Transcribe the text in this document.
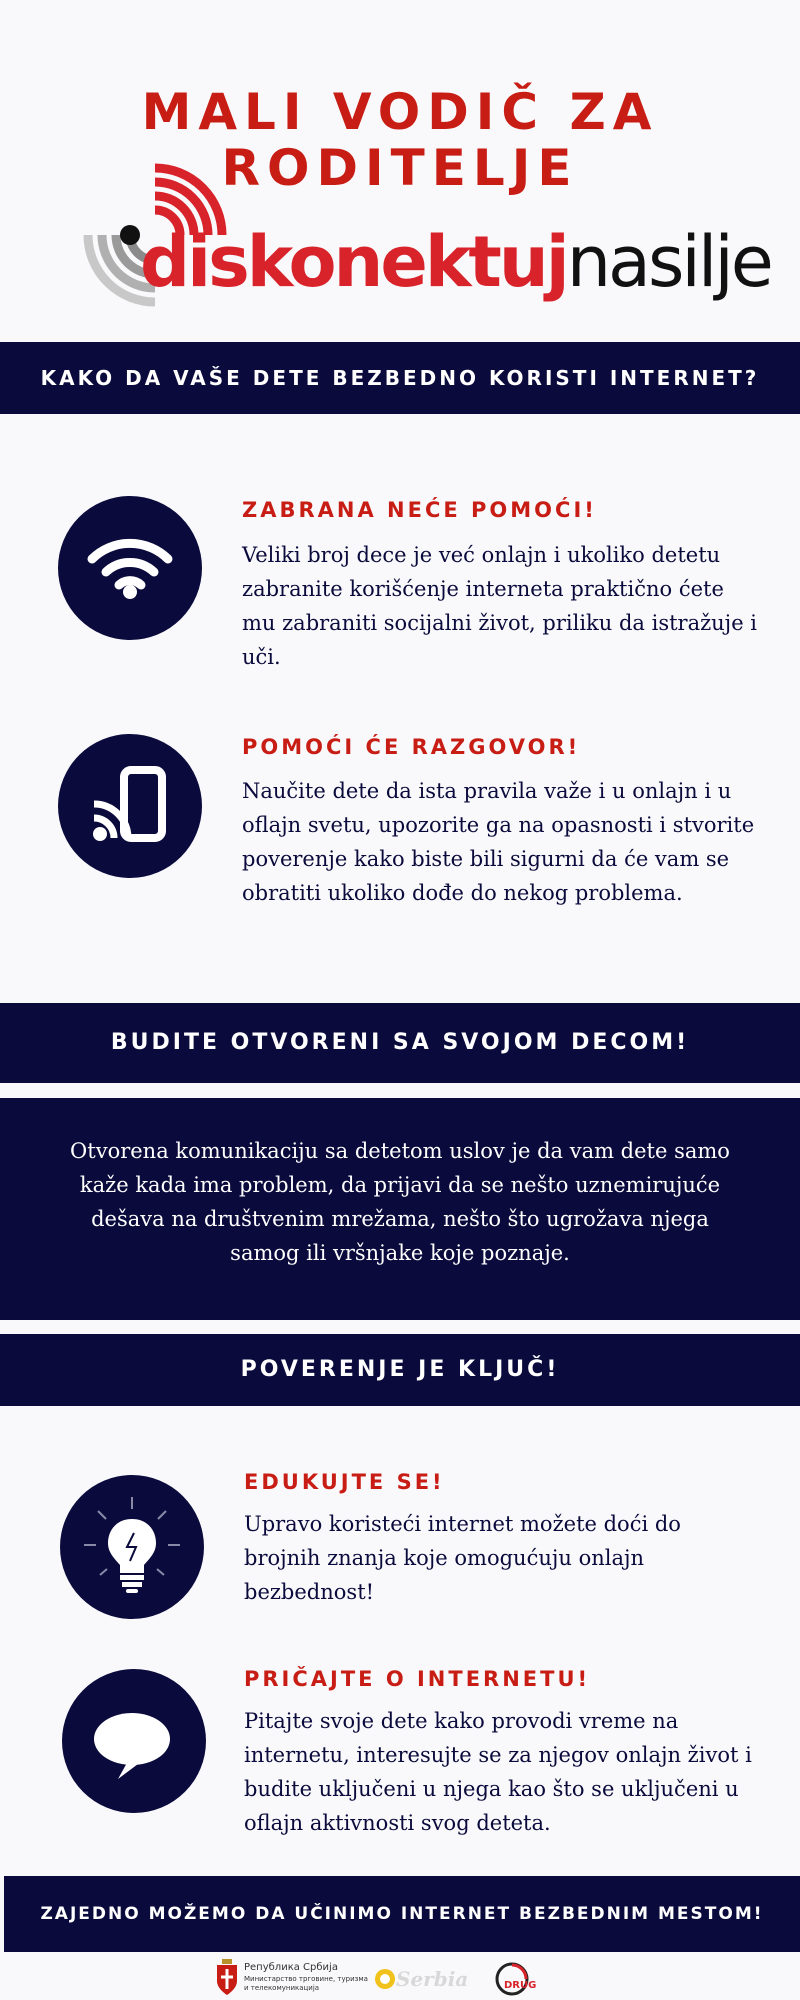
MALI VODIČ ZA
RODITELJE
diskonektujnasilje
KAKO DA VAŠE DETE BEZBEDNO KORISTI INTERNET?
ZABRANA NEĆE POMOĆI!
Veliki broj dece je već onlajn i ukoliko detetu zabranite korišćenje interneta praktično ćete mu zabraniti socijalni život, priliku da istražuje i uči.
POMOĆI ĆE RAZGOVOR!
Naučite dete da ista pravila važe i u onlajn i u oflajn svetu, upozorite ga na opasnosti i stvorite poverenje kako biste bili sigurni da će vam se obratiti ukoliko dođe do nekog problema.
BUDITE OTVORENI SA SVOJOM DECOM!
Otvorena komunikaciju sa detetom uslov je da vam dete samo kaže kada ima problem, da prijavi da se nešto uznemirujuće dešava na društvenim mrežama, nešto što ugrožava njega samog ili vršnjake koje poznaje.
POVERENJE JE KLJUČ!
EDUKUJTE SE!
Upravo koristeći internet možete doći do brojnih znanja koje omogućuju onlajn bezbednost!
PRIČAJTE O INTERNETU!
Pitajte svoje dete kako provodi vreme na internetu, interesujte se za njegov onlajn život i budite uključeni u njega kao što se uključeni u oflajn aktivnosti svog deteta.
ZAJEDNO MOŽEMO DA UČINIMO INTERNET BEZBEDNIM MESTOM!
Република Србија
Министарство трговине, туризма
и телекомуникација	Serbia	DRUG
